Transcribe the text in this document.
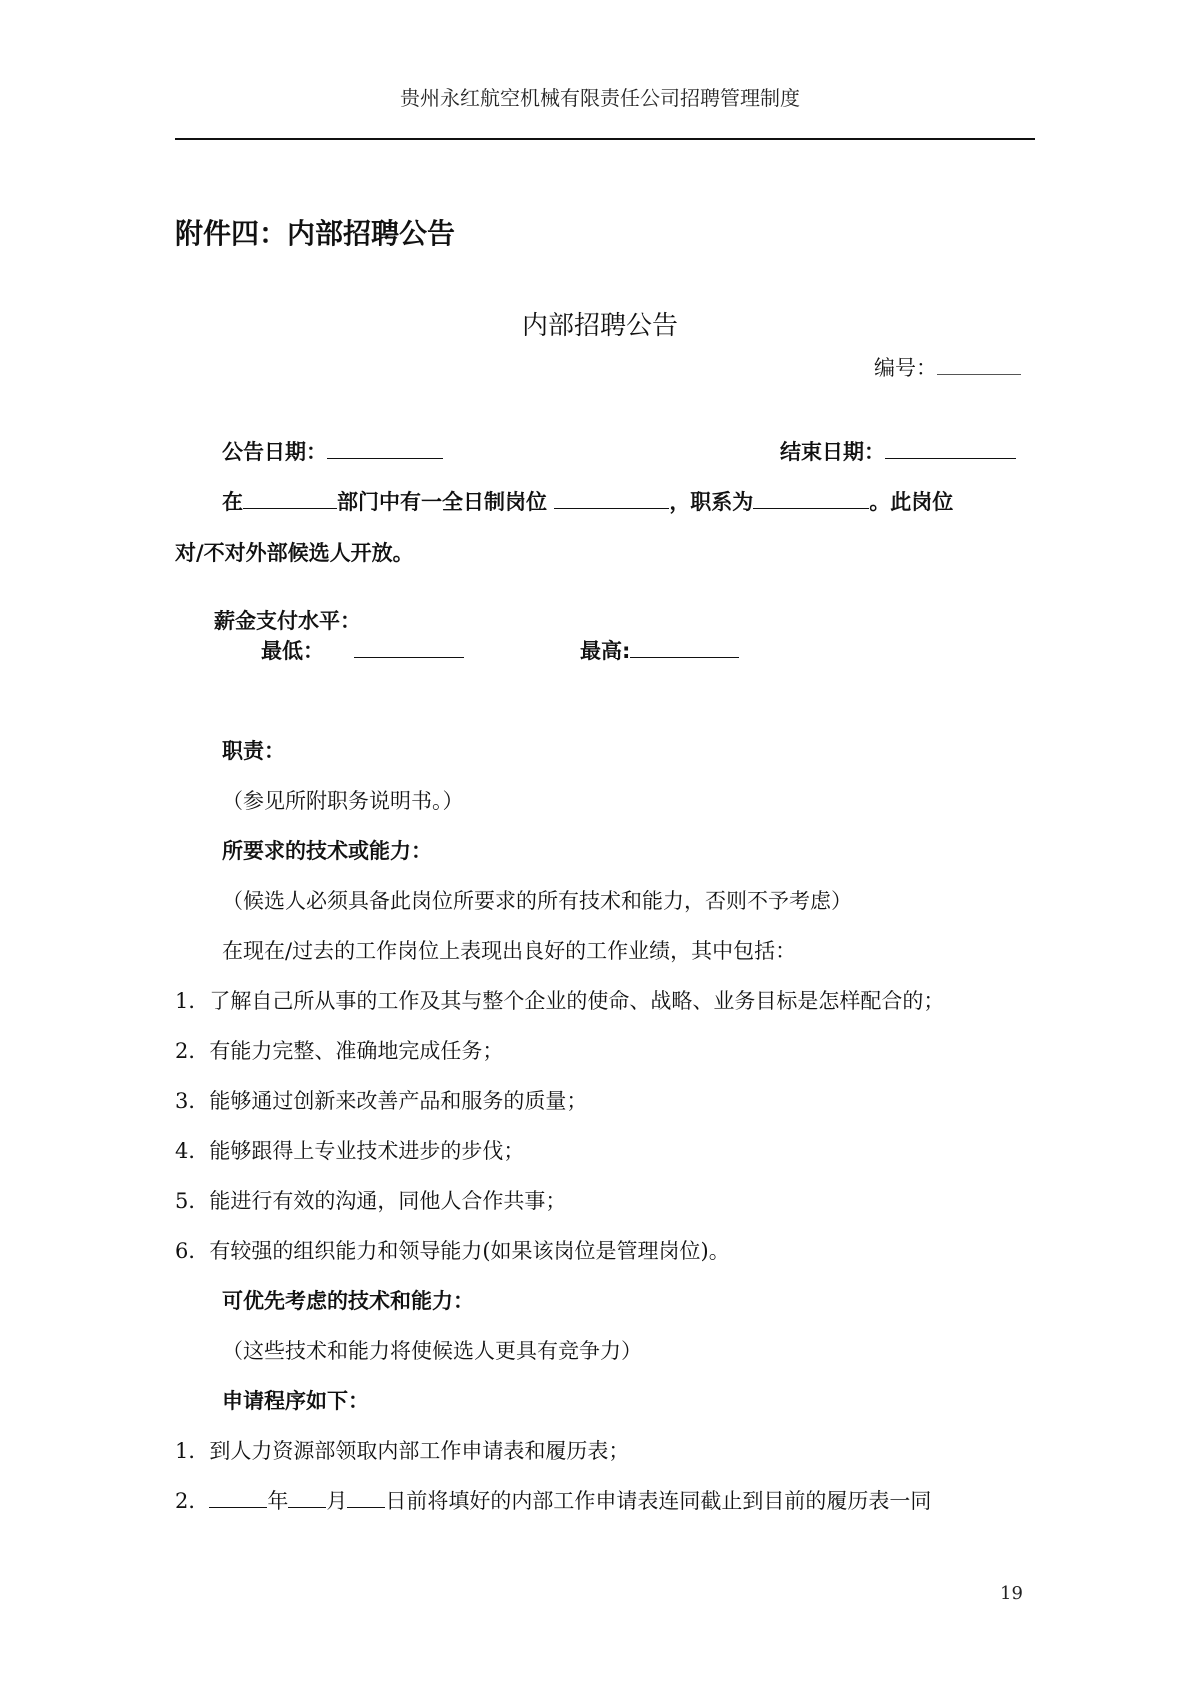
贵州永红航空机械有限责任公司招聘管理制度
附件四：内部招聘公告
内部招聘公告
编号：
公告日期：	结束日期：
在	部门中有一全日制岗位	，职系为	。此岗位
对/不对外部候选人开放。
薪金支付水平：
最低：	最高:
职责：
（参见所附职务说明书。）
所要求的技术或能力：
（候选人必须具备此岗位所要求的所有技术和能力，否则不予考虑）
在现在/过去的工作岗位上表现出良好的工作业绩，其中包括：
1．了解自己所从事的工作及其与整个企业的使命、战略、业务目标是怎样配合的；
2．有能力完整、准确地完成任务；
3．能够通过创新来改善产品和服务的质量；
4．能够跟得上专业技术进步的步伐；
5．能进行有效的沟通，同他人合作共事；
6．有较强的组织能力和领导能力(如果该岗位是管理岗位)。
可优先考虑的技术和能力：
（这些技术和能力将使候选人更具有竞争力）
申请程序如下：
1．到人力资源部领取内部工作申请表和履历表；
2．	年 月 日前将填好的内部工作申请表连同截止到目前的履历表一同
19
